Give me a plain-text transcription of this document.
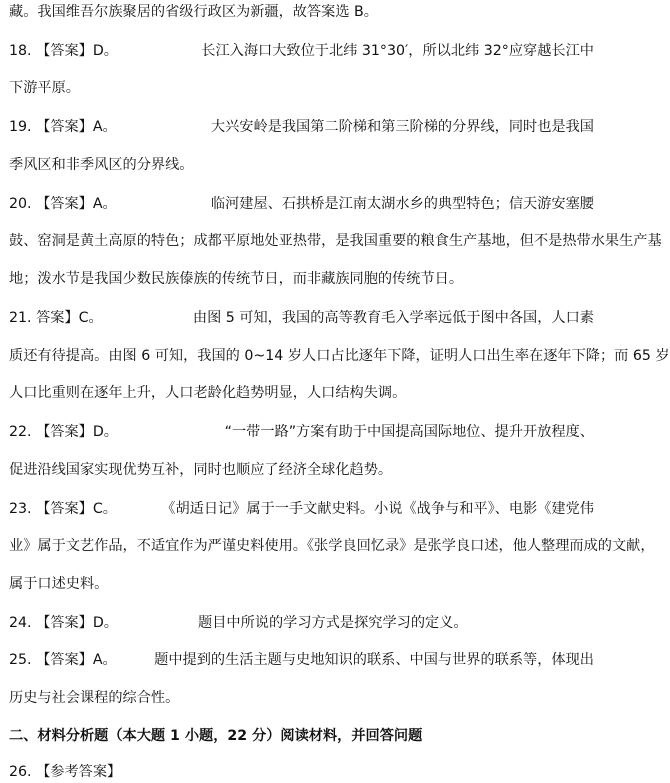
藏。我国维吾尔族聚居的省级行政区为新疆，故答案选 B。
18. 【答案】D。	长江入海口大致位于北纬 31°30′，所以北纬 32°应穿越长江中
下游平原。
19. 【答案】A。	大兴安岭是我国第二阶梯和第三阶梯的分界线，同时也是我国
季风区和非季风区的分界线。
20. 【答案】A。	临河建屋、石拱桥是江南太湖水乡的典型特色；信天游安塞腰
鼓、窑洞是黄土高原的特色；成都平原地处亚热带，是我国重要的粮食生产基地，但不是热带水果生产基
地；泼水节是我国少数民族傣族的传统节日，而非藏族同胞的传统节日。
21. 答案】C。	由图 5 可知，我国的高等教育毛入学率远低于图中各国，人口素
质还有待提高。由图 6 可知，我国的 0~14 岁人口占比逐年下降，证明人口出生率在逐年下降；而 65 岁
人口比重则在逐年上升，人口老龄化趋势明显，人口结构失调。
22. 【答案】D。	“一带一路”方案有助于中国提高国际地位、提升开放程度、
促进沿线国家实现优势互补，同时也顺应了经济全球化趋势。
23. 【答案】C。	《胡适日记》属于一手文献史料。小说《战争与和平》、电影《建党伟
业》属于文艺作品，不适宜作为严谨史料使用。《张学良回忆录》是张学良口述，他人整理而成的文献，
属于口述史料。
24. 【答案】D。	题目中所说的学习方式是探究学习的定义。
25. 【答案】A。	题中提到的生活主题与史地知识的联系、中国与世界的联系等，体现出
历史与社会课程的综合性。
二、材料分析题（本大题 1 小题，22 分）阅读材料，并回答问题
26. 【参考答案】
